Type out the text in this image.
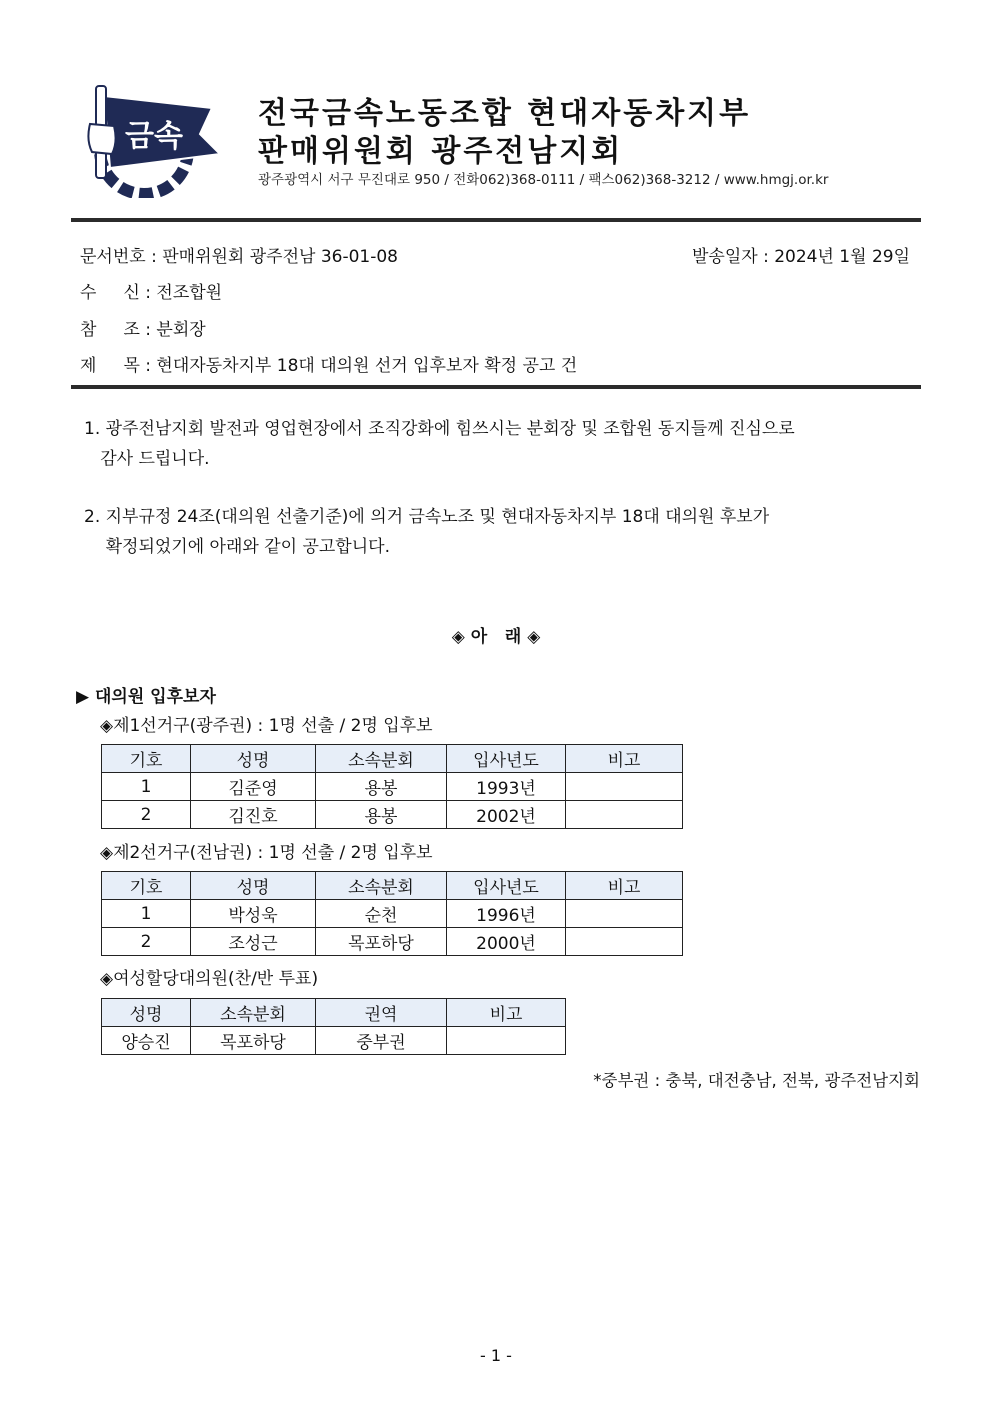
금속
전국금속노동조합 현대자동차지부
판매위원회 광주전남지회
광주광역시 서구 무진대로 950 / 전화062)368-0111 / 팩스062)368-3212 / www.hmgj.or.kr
문서번호 : 판매위원회 광주전남 36-01-08	발송일자 : 2024년 1월 29일
수     신 : 전조합원
참     조 : 분회장
제     목 : 현대자동차지부 18대 대의원 선거 입후보자 확정 공고 건
1. 광주전남지회 발전과 영업현장에서 조직강화에 힘쓰시는 분회장 및 조합원 동지들께 진심으로
감사 드립니다.
2. 지부규정 24조(대의원 선출기준)에 의거 금속노조 및 현대자동차지부 18대 대의원 후보가
확정되었기에 아래와 같이 공고합니다.
◈ 아   래 ◈
▶ 대의원 입후보자
◈제1선거구(광주권) : 1명 선출 / 2명 입후보
기호	성명	소속분회	입사년도	비고
1	김준영	용봉	1993년	
2	김진호	용봉	2002년	
◈제2선거구(전남권) : 1명 선출 / 2명 입후보
기호	성명	소속분회	입사년도	비고
1	박성욱	순천	1996년	
2	조성근	목포하당	2000년	
◈여성할당대의원(찬/반 투표)
성명	소속분회	권역	비고
양승진	목포하당	중부권	
*중부권 : 충북, 대전충남, 전북, 광주전남지회
- 1 -
